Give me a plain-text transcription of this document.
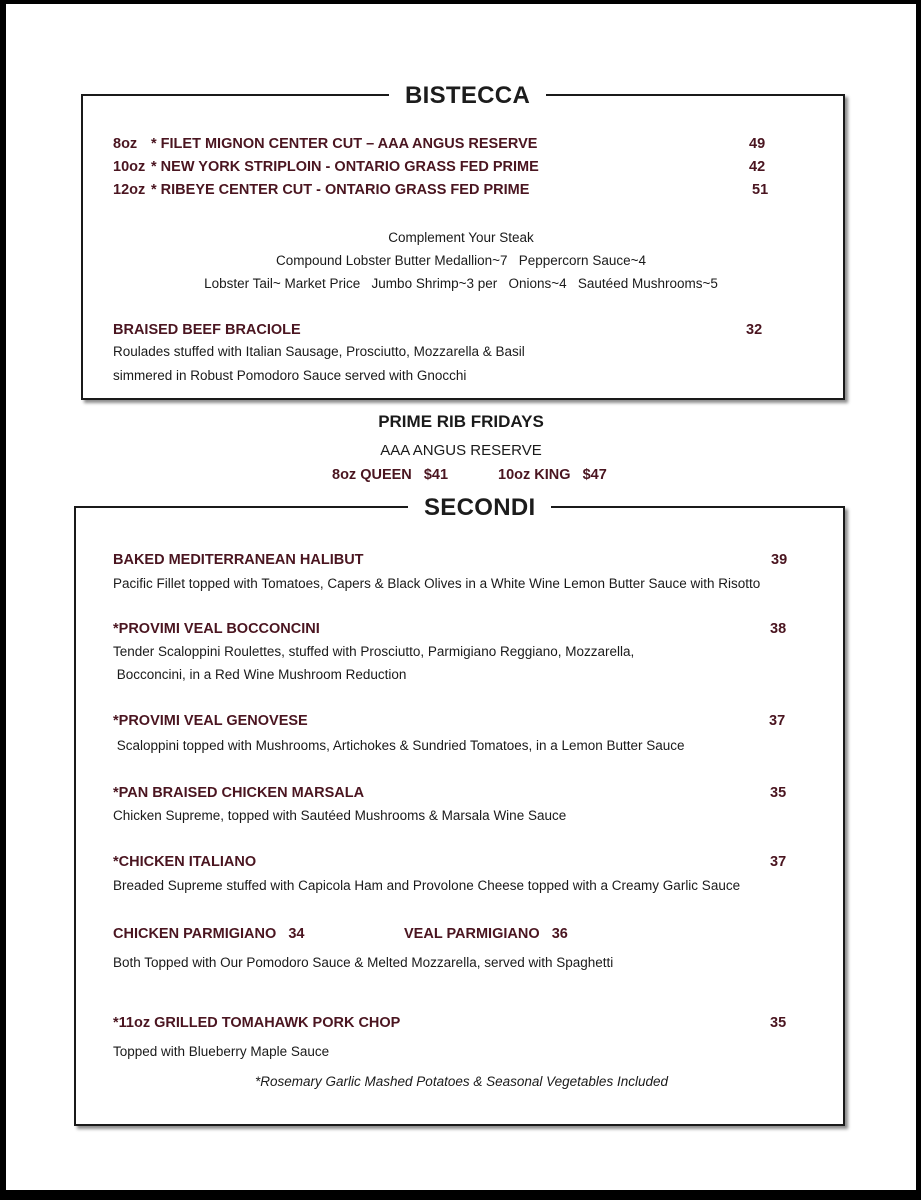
BISTECCA
8oz * FILET MIGNON CENTER CUT – AAA ANGUS RESERVE	49
10oz * NEW YORK STRIPLOIN - ONTARIO GRASS FED PRIME	42
12oz * RIBEYE CENTER CUT - ONTARIO GRASS FED PRIME	51
Complement Your Steak
Compound Lobster Butter Medallion~7   Peppercorn Sauce~4
Lobster Tail~ Market Price   Jumbo Shrimp~3 per   Onions~4   Sautéed Mushrooms~5
BRAISED BEEF BRACIOLE	32
Roulades stuffed with Italian Sausage, Prosciutto, Mozzarella & Basil
simmered in Robust Pomodoro Sauce served with Gnocchi
PRIME RIB FRIDAYS
AAA ANGUS RESERVE
8oz QUEEN   $41	10oz KING   $47
SECONDI
BAKED MEDITERRANEAN HALIBUT	39
Pacific Fillet topped with Tomatoes, Capers & Black Olives in a White Wine Lemon Butter Sauce with Risotto
*PROVIMI VEAL BOCCONCINI	38
Tender Scaloppini Roulettes, stuffed with Prosciutto, Parmigiano Reggiano, Mozzarella,
Bocconcini, in a Red Wine Mushroom Reduction
*PROVIMI VEAL GENOVESE	37
Scaloppini topped with Mushrooms, Artichokes & Sundried Tomatoes, in a Lemon Butter Sauce
*PAN BRAISED CHICKEN MARSALA	35
Chicken Supreme, topped with Sautéed Mushrooms & Marsala Wine Sauce
*CHICKEN ITALIANO	37
Breaded Supreme stuffed with Capicola Ham and Provolone Cheese topped with a Creamy Garlic Sauce
CHICKEN PARMIGIANO   34	VEAL PARMIGIANO   36
Both Topped with Our Pomodoro Sauce & Melted Mozzarella, served with Spaghetti
*11oz GRILLED TOMAHAWK PORK CHOP	35
Topped with Blueberry Maple Sauce
*Rosemary Garlic Mashed Potatoes & Seasonal Vegetables Included
